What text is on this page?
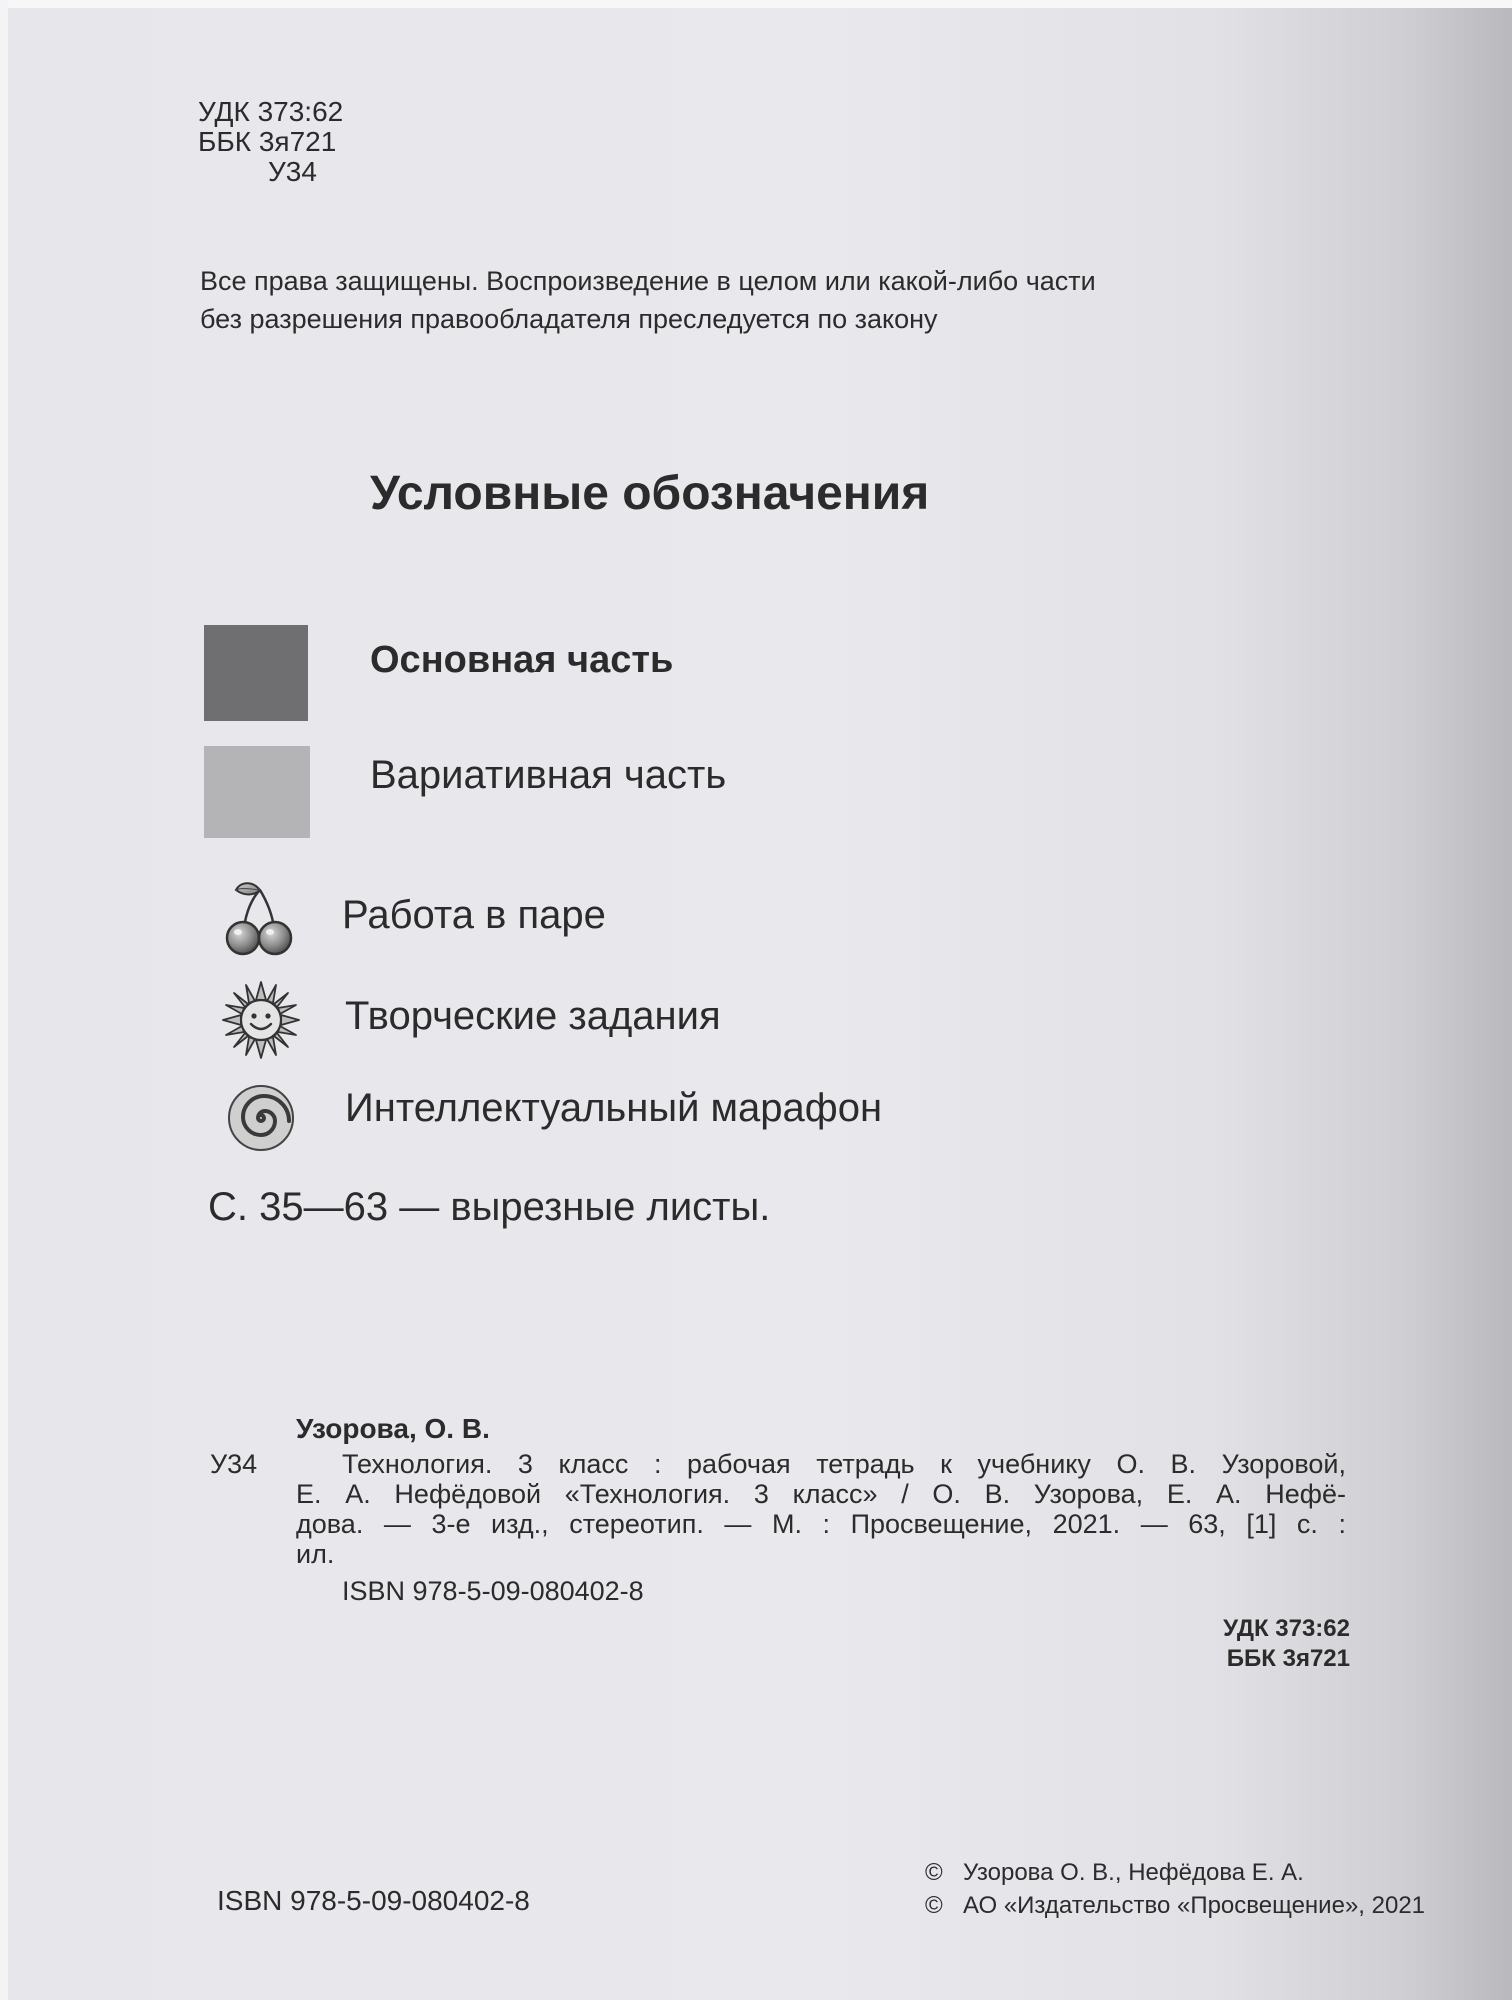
УДК 373:62
ББК 3я721
У34
Все права защищены. Воспроизведение в целом или какой-либо части
без разрешения правообладателя преследуется по закону
Условные обозначения
Основная часть
Вариативная часть
Работа в паре
Творческие задания
Интеллектуальный марафон
С. 35—63 — вырезные листы.
Узорова, О. В.
У34	Технология. 3 класс : рабочая тетрадь к учебнику О. В. Узоровой,
Е. А. Нефёдовой «Технология. 3 класс» / О. В. Узорова, Е. А. Нефё-
дова. — 3-е изд., стереотип. — М. : Просвещение, 2021. — 63, [1] с. :
ил.
ISBN 978-5-09-080402-8
УДК 373:62
ББК 3я721
ISBN 978-5-09-080402-8
© Узорова О. В., Нефёдова Е. А.
© АО «Издательство «Просвещение», 2021
